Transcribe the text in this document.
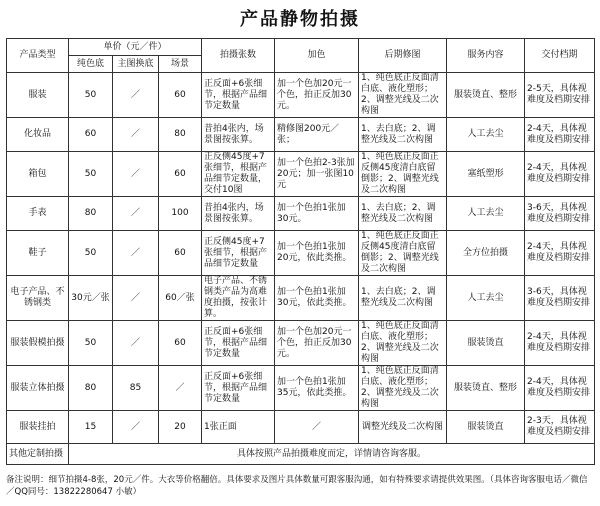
产品静物拍摄
产品类型	单价（元／件）			拍摄张数	加色	后期修图	服务内容	交付档期
	纯色底	主图换底	场景					
服装	50	／	60	正反面+6张细节，根据产品细节定数量	加一个色加20元一个色，拍正反加30元。	1、纯色底正反面清白底、液化塑形；2、调整光线及二次构图	服装烫直、整形	2-5天，具体视难度及档期安排
化妆品	60	／	80	昔拍4张内，场景图按张算。	精修图200元／张；	1、去白底；2、调整光线及二次构图	人工去尘	2-4天，具体视难度及档期安排
箱包	50	／	60	正反侧45度+7张细节，根据产品细节定数量，交付10图	加一个色拍2-3张加20元；加一张图10元	1、纯色底正反面正反侧45度清白底留倒影；2、调整光线及二次构图	塞纸塑形	2-4天，具体视难度及档期安排
手表	80	／	100	昔拍4张内，场景图按张算。	加一个色拍1张加30元。	1、去白底；2、调整光线及二次构图	人工去尘	3-6天，具体视难度及档期安排
鞋子	50	／	60	正反侧45度+7张细节，根据产品细节定数量	加一个色拍1张加20元，依此类推。	1、纯色底正反面正反侧45度清白底留倒影；2、调整光线及二次构图	全方位拍摄	2-4天，具体视难度及档期安排
电子产品、不锈钢类	30元／张	／	60／张	电子产品、不锈钢类产品为高难度拍摄，按张计算。	加一个色拍1张加30元，依此类推。	1、去白底；2、调整光线及二次构图	人工去尘	3-6天，具体视难度及档期安排
服装假模拍摄	50	／	60	正反面+6张细节，根据产品细节定数量	加一个色加20元一个色，拍正反加30元。	1、纯色底正反面清白底、液化塑形；2、调整光线及二次构图	服装烫直	2-4天，具体视难度及档期安排
服装立体拍摄	80	85	／	正反面+6张细节，根据产品细节定数量	加一个色拍1张加35元，依此类推。	1、纯色底正反面清白底、液化塑形；2、调整光线及二次构图	服装烫直、整形	2-4天，具体视难度及档期安排
服装挂拍	15	／	20	1张正面	／	调整光线及二次构图	服装烫直	2-3天，具体视难度及档期安排
其他定制拍摄	具体按照产品拍摄难度而定，详情请咨询客服。							
备注说明：细节拍摄4-8张，20元／件。大衣等价格翻倍。具体要求及图片具体数量可跟客服沟通，如有特殊要求请提供效果图。（具体咨询客服电话／微信／QQ同号：13822280647 小敏）
